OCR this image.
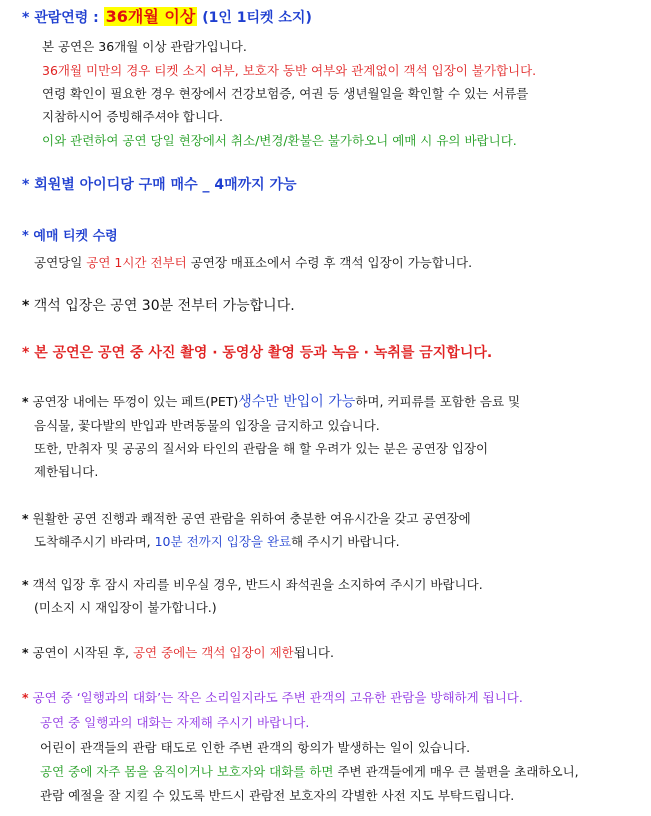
* 관람연령 : 36개월 이상 (1인 1티켓 소지)
본 공연은 36개월 이상 관람가입니다.
36개월 미만의 경우 티켓 소지 여부, 보호자 동반 여부와 관계없이 객석 입장이 불가합니다.
연령 확인이 필요한 경우 현장에서 건강보험증, 여권 등 생년월일을 확인할 수 있는 서류를
지참하시어 증빙해주셔야 합니다.
이와 관련하여 공연 당일 현장에서 취소/변경/환불은 불가하오니 예매 시 유의 바랍니다.
* 회원별 아이디당 구매 매수 _ 4매까지 가능
* 예매 티켓 수령
공연당일 공연 1시간 전부터 공연장 매표소에서 수령 후 객석 입장이 가능합니다.
* 객석 입장은 공연 30분 전부터 가능합니다.
* 본 공연은 공연 중 사진 촬영 · 동영상 촬영 등과 녹음 · 녹취를 금지합니다.
* 공연장 내에는 뚜껑이 있는 페트(PET)생수만 반입이 가능하며, 커피류를 포함한 음료 및
음식물, 꽃다발의 반입과 반려동물의 입장을 금지하고 있습니다.
또한, 만취자 및 공공의 질서와 타인의 관람을 해 할 우려가 있는 분은 공연장 입장이
제한됩니다.
* 원활한 공연 진행과 쾌적한 공연 관람을 위하여 충분한 여유시간을 갖고 공연장에
도착해주시기 바라며, 10분 전까지 입장을 완료해 주시기 바랍니다.
* 객석 입장 후 잠시 자리를 비우실 경우, 반드시 좌석권을 소지하여 주시기 바랍니다.
(미소지 시 재입장이 불가합니다.)
* 공연이 시작된 후, 공연 중에는 객석 입장이 제한됩니다.
* 공연 중 ‘일행과의 대화’는 작은 소리일지라도 주변 관객의 고유한 관람을 방해하게 됩니다.
공연 중 일행과의 대화는 자제해 주시기 바랍니다.
어린이 관객들의 관람 태도로 인한 주변 관객의 항의가 발생하는 일이 있습니다.
공연 중에 자주 몸을 움직이거나 보호자와 대화를 하면 주변 관객들에게 매우 큰 불편을 초래하오니,
관람 예절을 잘 지킬 수 있도록 반드시 관람전 보호자의 각별한 사전 지도 부탁드립니다.
